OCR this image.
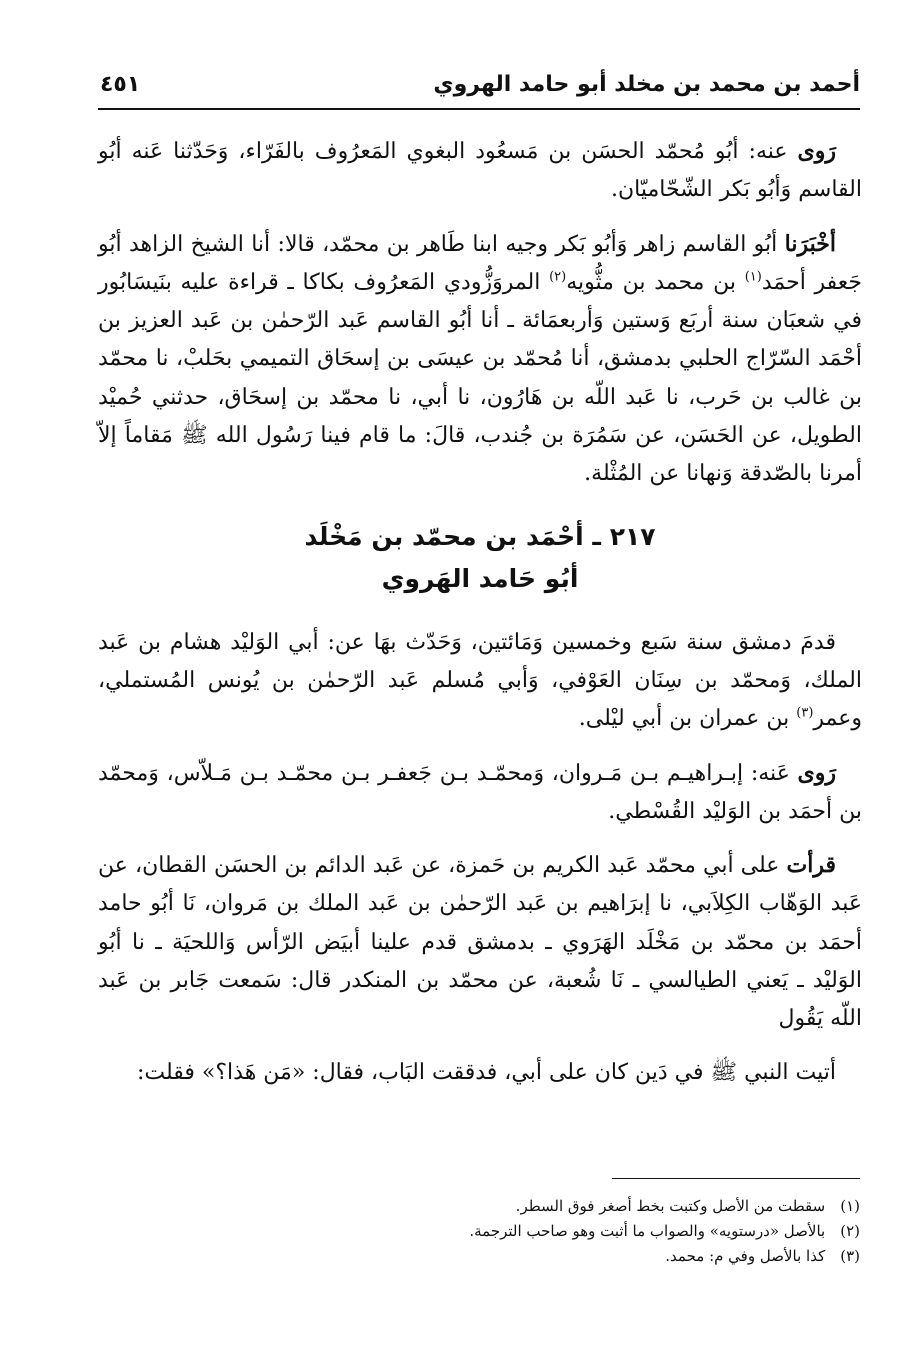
أحمد بن محمد بن مخلد أبو حامد الهروي
٤٥١

رَوى عنه: أبُو مُحمّد الحسَن بن مَسعُود البغوي المَعرُوف بالفَرّاء، وَحَدّثنا عَنه أبُو القاسم وَأبُو بَكر الشّحّاميّان.

أخْبَرَنا أبُو القاسم زاهر وَأبُو بَكر وجيه ابنا طَاهر بن محمّد، قالا: أنا الشيخ الزاهد أبُو جَعفر أحمَد$^{(١)}$ بن محمد بن مثُّويه$^{(٢)}$ المروَزُّودي المَعرُوف بكاكا ـ قراءة عليه بنَيسَابُور في شعبَان سنة أربَع وَستين وَأربعمَائة ـ أنا أبُو القاسم عَبد الرّحمٰن بن عَبد العزيز بن أحْمَد السّرّاج الحلبي بدمشق، أنا مُحمّد بن عيسَى بن إسحَاق التميمي بحَلبْ، نا محمّد بن غالب بن حَرب، نا عَبد اللّه بن هَارُون، نا أبي، نا محمّد بن إسحَاق، حدثني حُميْد الطويل، عن الحَسَن، عن سَمُرَة بن جُندب، قالَ: ما قام فينا رَسُول الله ﷺ مَقاماً إلاّ أمرنا بالصّدقة وَنهانا عن المُثْلة.

٢١٧ ـ أحْمَد بن محمّد بن مَخْلَد
أبُو حَامد الهَروي

قدمَ دمشق سنة سَبع وخمسين وَمَائتين، وَحَدّث بهَا عن: أبي الوَليْد هشام بن عَبد الملك، وَمحمّد بن سِنَان العَوْفي، وَأبي مُسلم عَبد الرّحمٰن بن يُونس المُستملي، وعمر$^{(٣)}$ بن عمران بن أبي ليْلى.

رَوى عَنه: إبـراهيـم بـن مَـروان، وَمحمّـد بـن جَعفـر بـن محمّـد بـن مَـلاّس، وَمحمّد بن أحمَد بن الوَليْد القُسْطي.

قرأت على أبي محمّد عَبد الكريم بن حَمزة، عن عَبد الدائم بن الحسَن القطان، عن عَبد الوَهّاب الكِلاَبي، نا إبرَاهيم بن عَبد الرّحمٰن بن عَبد الملك بن مَروان، نَا أبُو حامد أحمَد بن محمّد بن مَخْلَد الهَرَوي ـ بدمشق قدم علينا أبيَض الرّأس وَاللحيَة ـ نا أبُو الوَليْد ـ يَعني الطيالسي ـ نَا شُعبة، عن محمّد بن المنكدر قال: سَمعت جَابر بن عَبد اللّه يَقُول

أتيت النبي ﷺ في دَين كان على أبي، فدققت البَاب، فقال: «مَن هَذا؟» فقلت:

(١) سقطت من الأصل وكتبت بخط أصغر فوق السطر.

(٢) بالأصل «درستويه» والصواب ما أثبت وهو صاحب الترجمة.

(٣) كذا بالأصل وفي م: محمد.
